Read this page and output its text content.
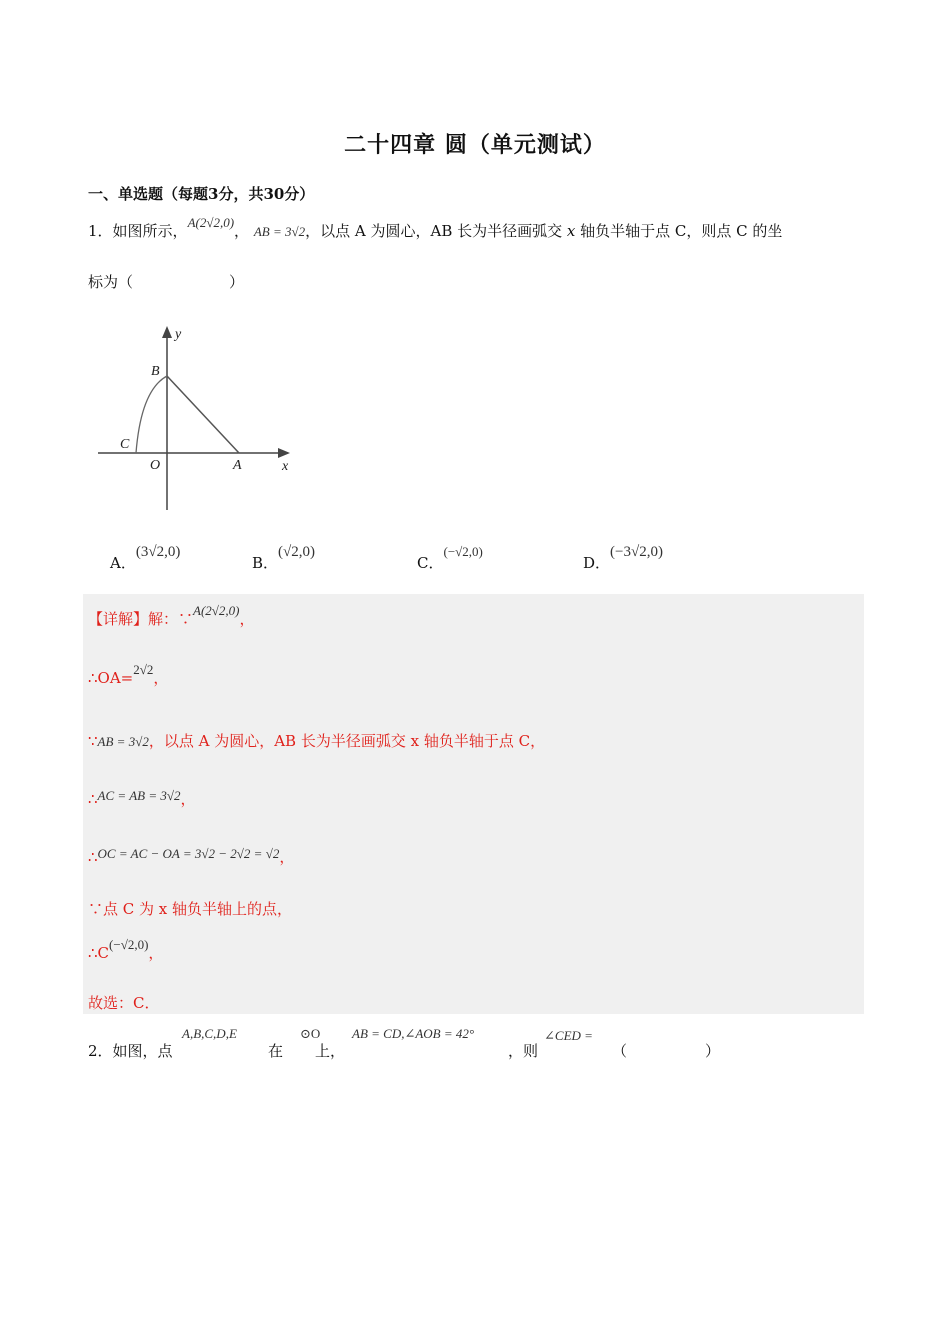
二十四章 圆（单元测试）
一、单选题（每题3分，共30分）
1．如图所示，A(2√2,0)， AB = 3√2，以点 A 为圆心，AB 长为半径画弧交 x 轴负半轴于点 C，则点 C 的坐
标为（	）
y
B
C
O	A	x
A．(3√2,0)
B．(√2,0)
C．(−√2,0)
D．(−3√2,0)
【详解】解：∵A(2√2,0)，
∴OA=2√2，
∵AB = 3√2，以点 A 为圆心，AB 长为半径画弧交 x 轴负半轴于点 C，
∴AC = AB = 3√2，
∴OC = AC − OA = 3√2 − 2√2 = √2，
∵点 C 为 x 轴负半轴上的点，
∴C(−√2,0)，
故选：C．
2．如图，点
A,B,C,D,E
在
⊙O
上，
AB = CD,∠AOB = 42°
，则
∠CED =
（	）
